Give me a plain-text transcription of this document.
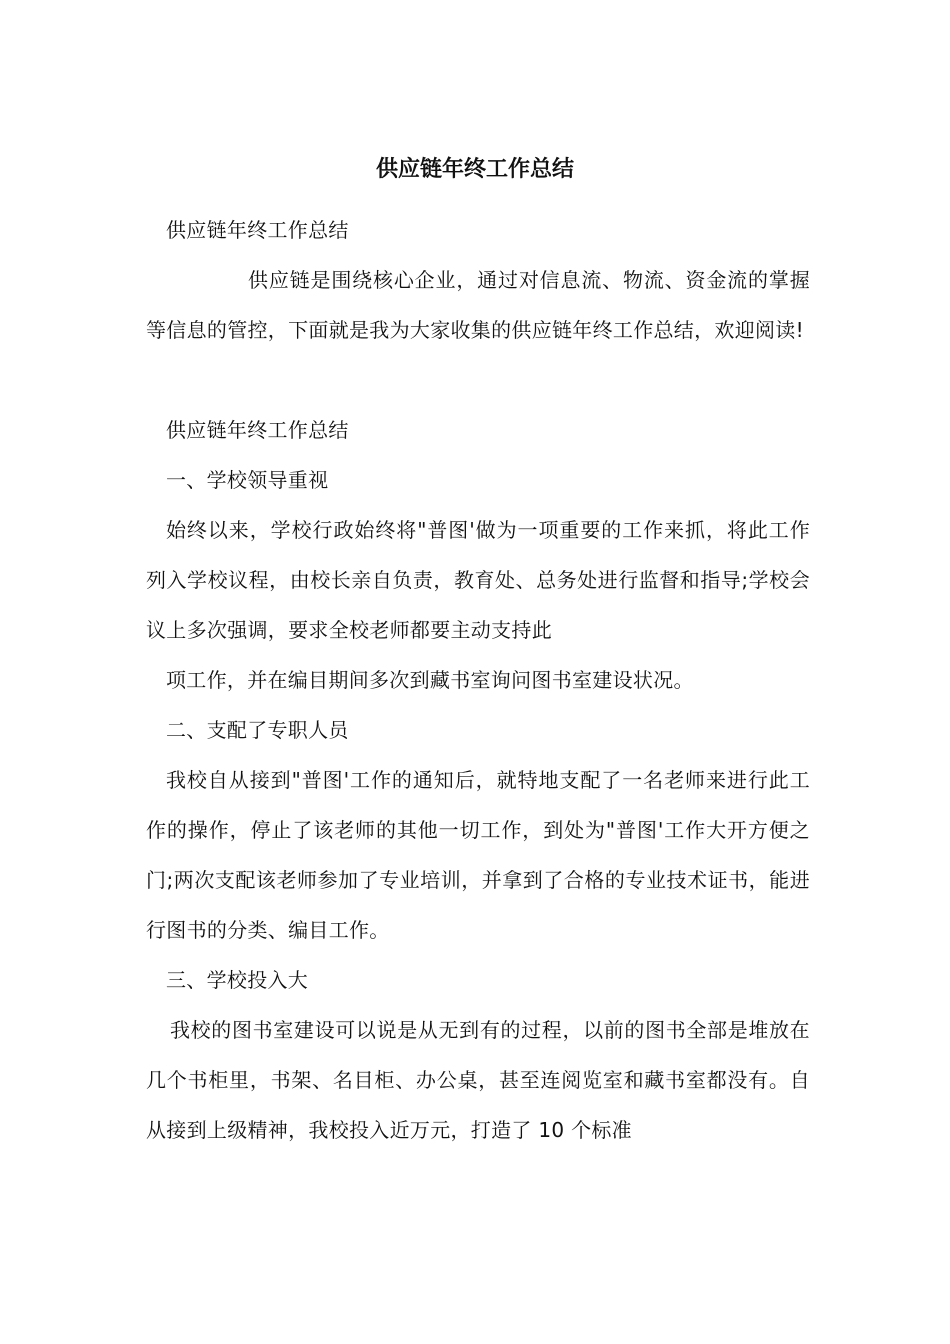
供应链年终工作总结

供应链年终工作总结

供应链是围绕核心企业，通过对信息流、物流、资金流的掌握等信息的管控，下面就是我为大家收集的供应链年终工作总结，欢迎阅读!

供应链年终工作总结

一、学校领导重视

始终以来，学校行政始终将"普图'做为一项重要的工作来抓，将此工作列入学校议程，由校长亲自负责，教育处、总务处进行监督和指导;学校会议上多次强调，要求全校老师都要主动支持此

项工作，并在编目期间多次到藏书室询问图书室建设状况。

二、支配了专职人员

我校自从接到"普图'工作的通知后，就特地支配了一名老师来进行此工作的操作，停止了该老师的其他一切工作，到处为"普图'工作大开方便之门;两次支配该老师参加了专业培训，并拿到了合格的专业技术证书，能进行图书的分类、编目工作。

三、学校投入大

我校的图书室建设可以说是从无到有的过程，以前的图书全部是堆放在几个书柜里，书架、名目柜、办公桌，甚至连阅览室和藏书室都没有。自从接到上级精神，我校投入近万元，打造了 10 个标准
